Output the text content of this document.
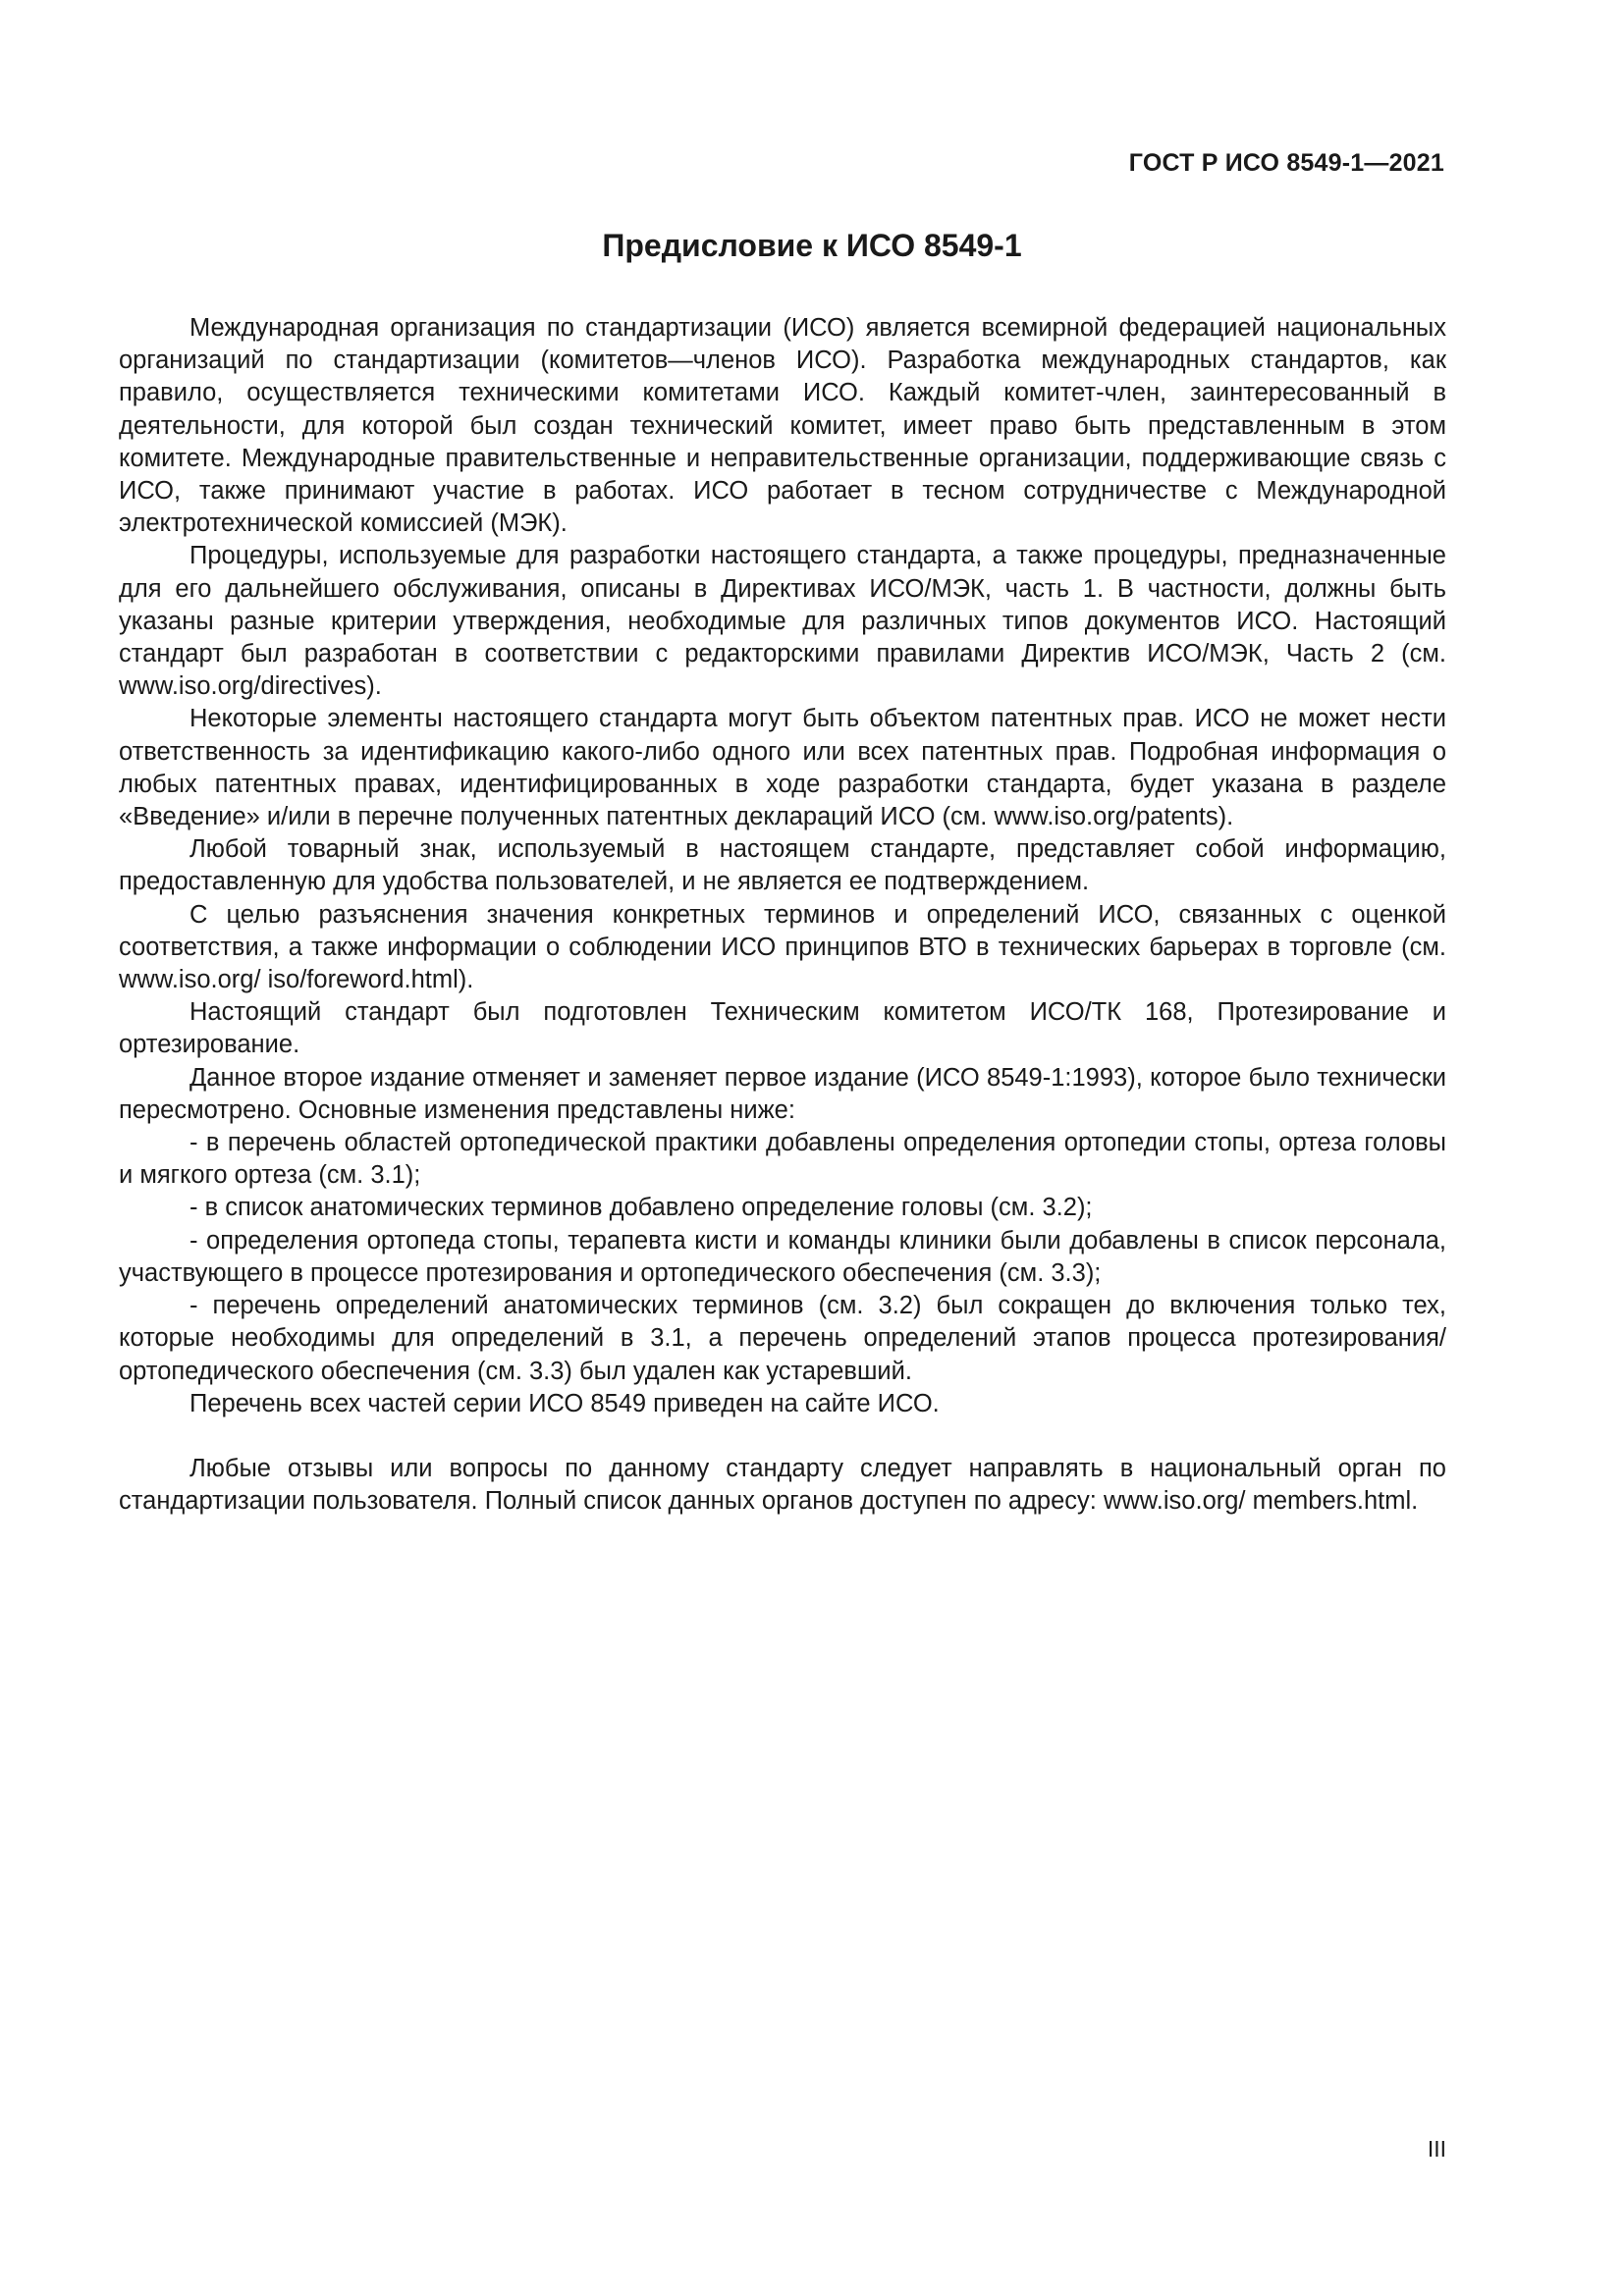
ГОСТ Р ИСО 8549-1—2021
Предисловие к ИСО 8549-1

Международная организация по стандартизации (ИСО) является всемирной федерацией национальных организаций по стандартизации (комитетов—членов ИСО). Разработка международных стандартов, как правило, осуществляется техническими комитетами ИСО. Каждый комитет-член, заинтересованный в деятельности, для которой был создан технический комитет, имеет право быть представленным в этом комитете. Международные правительственные и неправительственные организации, поддерживающие связь с ИСО, также принимают участие в работах. ИСО работает в тесном сотрудничестве с Международной электротехнической комиссией (МЭК).

Процедуры, используемые для разработки настоящего стандарта, а также процедуры, предназначенные для его дальнейшего обслуживания, описаны в Директивах ИСО/МЭК, часть 1. В частности, должны быть указаны разные критерии утверждения, необходимые для различных типов документов ИСО. Настоящий стандарт был разработан в соответствии с редакторскими правилами Директив ИСО/МЭК, Часть 2 (см. www.iso.org/directives).

Некоторые элементы настоящего стандарта могут быть объектом патентных прав. ИСО не может нести ответственность за идентификацию какого-либо одного или всех патентных прав. Подробная информация о любых патентных правах, идентифицированных в ходе разработки стандарта, будет указана в разделе «Введение» и/или в перечне полученных патентных деклараций ИСО (см. www.iso.org/patents).

Любой товарный знак, используемый в настоящем стандарте, представляет собой информацию, предоставленную для удобства пользователей, и не является ее подтверждением.

С целью разъяснения значения конкретных терминов и определений ИСО, связанных с оценкой соответствия, а также информации о соблюдении ИСО принципов ВТО в технических барьерах в торговле (см. www.iso.org/ iso/foreword.html).

Настоящий стандарт был подготовлен Техническим комитетом ИСО/ТК 168, Протезирование и ортезирование.

Данное второе издание отменяет и заменяет первое издание (ИСО 8549-1:1993), которое было технически пересмотрено. Основные изменения представлены ниже:

- в перечень областей ортопедической практики добавлены определения ортопедии стопы, ортеза головы и мягкого ортеза (см. 3.1);

- в список анатомических терминов добавлено определение головы (см. 3.2);

- определения ортопеда стопы, терапевта кисти и команды клиники были добавлены в список персонала, участвующего в процессе протезирования и ортопедического обеспечения (см. 3.3);

- перечень определений анатомических терминов (см. 3.2) был сокращен до включения только тех, которые необходимы для определений в 3.1, а перечень определений этапов процесса протезирования/ортопедического обеспечения (см. 3.3) был удален как устаревший.

Перечень всех частей серии ИСО 8549 приведен на сайте ИСО.

Любые отзывы или вопросы по данному стандарту следует направлять в национальный орган по стандартизации пользователя. Полный список данных органов доступен по адресу: www.iso.org/ members.html.

III
